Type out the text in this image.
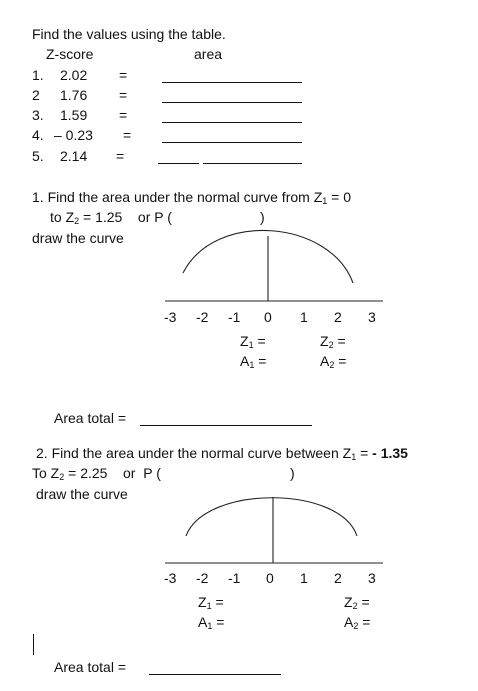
Find the values using the table.
Z-score	area
1. 2.02 =
2 1.76 =
3. 1.59 =
4. – 0.23 =
5. 2.14 =
1. Find the area under the normal curve from $Z_1 = 0$
to $Z_2 = 1.25$    or P (	)
draw the curve
-3 -2 -1 0 1 2 3
$Z_1$ =	$Z_2$ =
$A_1$ =	$A_2$ =
Area total =
2. Find the area under the normal curve between $Z_1$ = - 1.35
To $Z_2 = 2.25$    or  P (	)
draw the curve
-3 -2 -1 0 1 2 3
$Z_1$ =	$Z_2$ =
$A_1$ =	$A_2$ =
Area total =
